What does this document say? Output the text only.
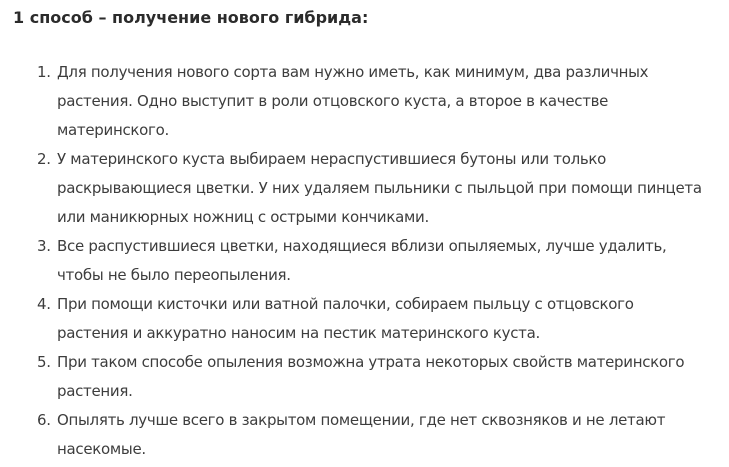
1 способ – получение нового гибрида:
1. Для получения нового сорта вам нужно иметь, как минимум, два различных
растения. Одно выступит в роли отцовского куста, а второе в качестве
материнского.
2. У материнского куста выбираем нераспустившиеся бутоны или только
раскрывающиеся цветки. У них удаляем пыльники с пыльцой при помощи пинцета
или маникюрных ножниц с острыми кончиками.
3. Все распустившиеся цветки, находящиеся вблизи опыляемых, лучше удалить,
чтобы не было переопыления.
4. При помощи кисточки или ватной палочки, собираем пыльцу с отцовского
растения и аккуратно наносим на пестик материнского куста.
5. При таком способе опыления возможна утрата некоторых свойств материнского
растения.
6. Опылять лучше всего в закрытом помещении, где нет сквозняков и не летают
насекомые.
